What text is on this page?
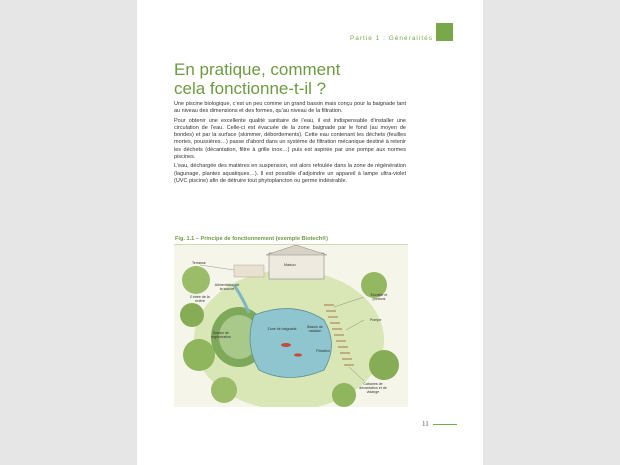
Partie 1 : Généralités
En pratique, comment
cela fonctionne-t-il ?

Une piscine biologique, c’est un peu comme un grand bassin mais conçu pour la baignade tant au niveau des dimensions et des formes, qu’au niveau de la filtration.

Pour obtenir une excellente qualité sanitaire de l’eau, il est indispensable d’installer une circulation de l’eau. Celle-ci est évacuée de la zone baignade par le fond (au moyen de bondes) et par la surface (skimmer, débordements). Cette eau contenant les déchets (feuilles mortes, poussières…) passe d’abord dans un système de filtration mécanique destiné à retenir les déchets (décantation, filtre à grille inox…) puis est aspirée par une pompe aux normes piscines.

L’eau, déchargée des matières en suspension, est alors refoulée dans la zone de régénération (lagunage, plantes aquatiques…). Il est possible d’adjoindre un appareil à lampe ultra-violet (UVC piscine) afin de détruire tout phytoplancton ou germe indésirable.

Fig. 1.1 – Principe de fonctionnement (exemple Biotech®)
Maison
Terrasse
Alimentation de la source
Entrée de la rivière
Escalier et pontons
Pompe
Bassin de régénération
Zone de baignade	Bassin de natation
Filtration
Cabanes de décantation et de vidange
11
